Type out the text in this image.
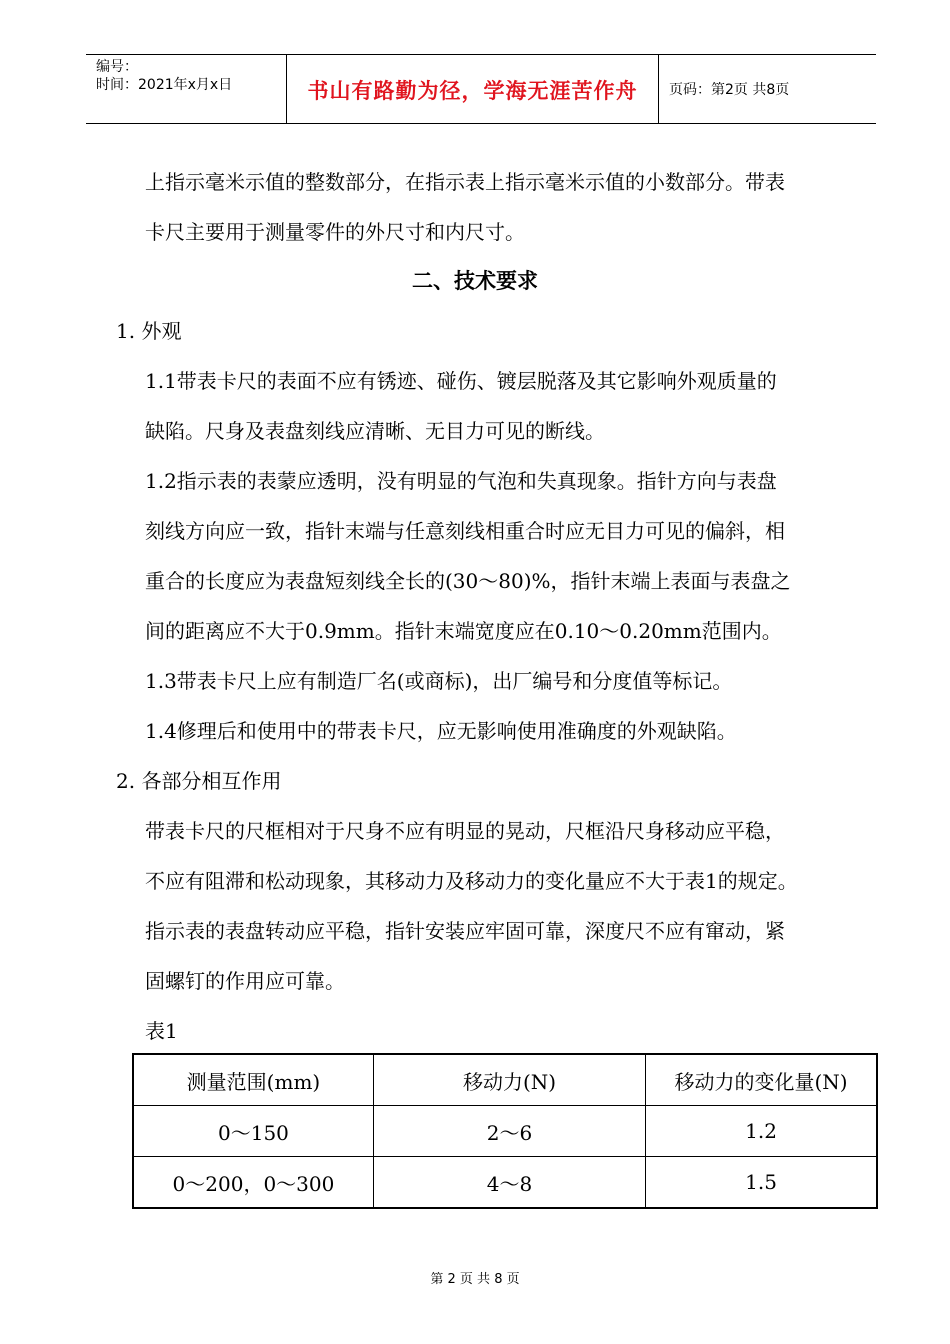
编号：
时间：2021年x月x日	书山有路勤为径，学海无涯苦作舟	页码：第2页 共8页
上指示毫米示值的整数部分，在指示表上指示毫米示值的小数部分。带表
卡尺主要用于测量零件的外尺寸和内尺寸。
二、技术要求
1. 外观
1.1带表卡尺的表面不应有锈迹、碰伤、镀层脱落及其它影响外观质量的
缺陷。尺身及表盘刻线应清晰、无目力可见的断线。
1.2指示表的表蒙应透明，没有明显的气泡和失真现象。指针方向与表盘
刻线方向应一致，指针末端与任意刻线相重合时应无目力可见的偏斜，相
重合的长度应为表盘短刻线全长的(30～80)%，指针末端上表面与表盘之
间的距离应不大于0.9mm。指针末端宽度应在0.10～0.20mm范围内。
1.3带表卡尺上应有制造厂名(或商标)，出厂编号和分度值等标记。
1.4修理后和使用中的带表卡尺，应无影响使用准确度的外观缺陷。
2. 各部分相互作用
带表卡尺的尺框相对于尺身不应有明显的晃动，尺框沿尺身移动应平稳，
不应有阻滞和松动现象，其移动力及移动力的变化量应不大于表1的规定。
指示表的表盘转动应平稳，指针安装应牢固可靠，深度尺不应有窜动，紧
固螺钉的作用应可靠。
表1
测量范围(mm)	移动力(N)	移动力的变化量(N)
0～150	2～6	1.2
0～200，0～300	4～8	1.5
第 2 页 共 8 页
